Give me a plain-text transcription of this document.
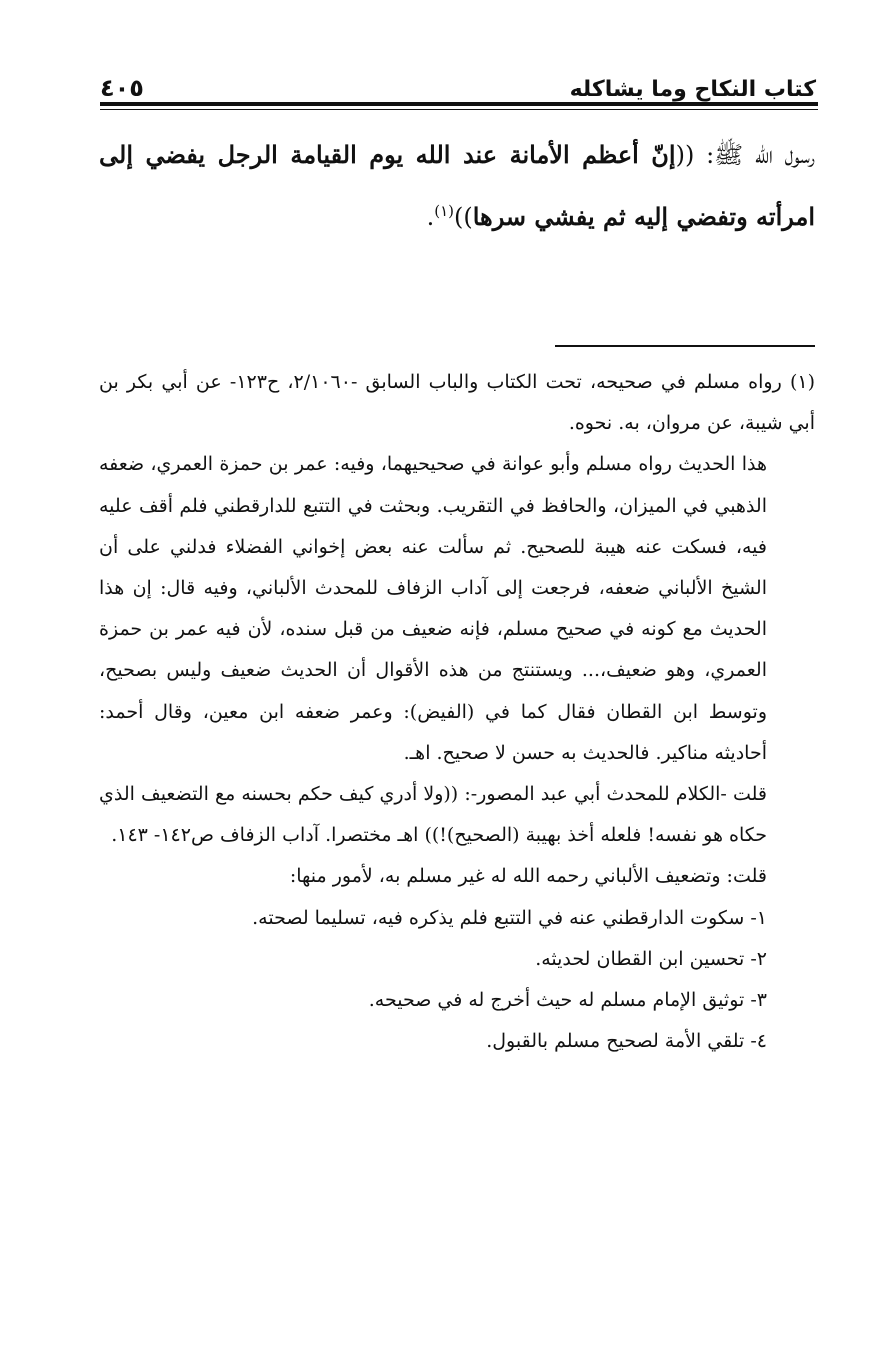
كتاب النكاح وما يشاكله
٤٠٥
رسول الله ﷺ: ((إنّ أعظم الأمانة عند الله يوم القيامة الرجل يفضي إلى امرأته وتفضي إليه ثم يفشي سرها))$^{(١)}$.

(١) رواه مسلم في صحيحه، تحت الكتاب والباب السابق -٢/١٠٦٠، ح١٢٣- عن أبي بكر بن أبي شيبة، عن مروان، به. نحوه.

هذا الحديث رواه مسلم وأبو عوانة في صحيحيهما، وفيه: عمر بن حمزة العمري، ضعفه الذهبي في الميزان، والحافظ في التقريب. وبحثت في التتبع للدارقطني فلم أقف عليه فيه، فسكت عنه هيبة للصحيح. ثم سألت عنه بعض إخواني الفضلاء فدلني على أن الشيخ الألباني ضعفه، فرجعت إلى آداب الزفاف للمحدث الألباني، وفيه قال: إن هذا الحديث مع كونه في صحيح مسلم، فإنه ضعيف من قبل سنده، لأن فيه عمر بن حمزة العمري، وهو ضعيف،... ويستنتج من هذه الأقوال أن الحديث ضعيف وليس بصحيح، وتوسط ابن القطان فقال كما في (الفيض): وعمر ضعفه ابن معين، وقال أحمد: أحاديثه مناكير. فالحديث به حسن لا صحيح. اهـ.

قلت -الكلام للمحدث أبي عبد المصور-: ((ولا أدري كيف حكم بحسنه مع التضعيف الذي حكاه هو نفسه! فلعله أخذ بهيبة (الصحيح)!)) اهـ مختصرا. آداب الزفاف ص١٤٢- ١٤٣.

قلت: وتضعيف الألباني رحمه الله له غير مسلم به، لأمور منها:

١- سكوت الدارقطني عنه في التتبع فلم يذكره فيه، تسليما لصحته.

٢- تحسين ابن القطان لحديثه.

٣- توثيق الإمام مسلم له حيث أخرج له في صحيحه.

٤- تلقي الأمة لصحيح مسلم بالقبول.
